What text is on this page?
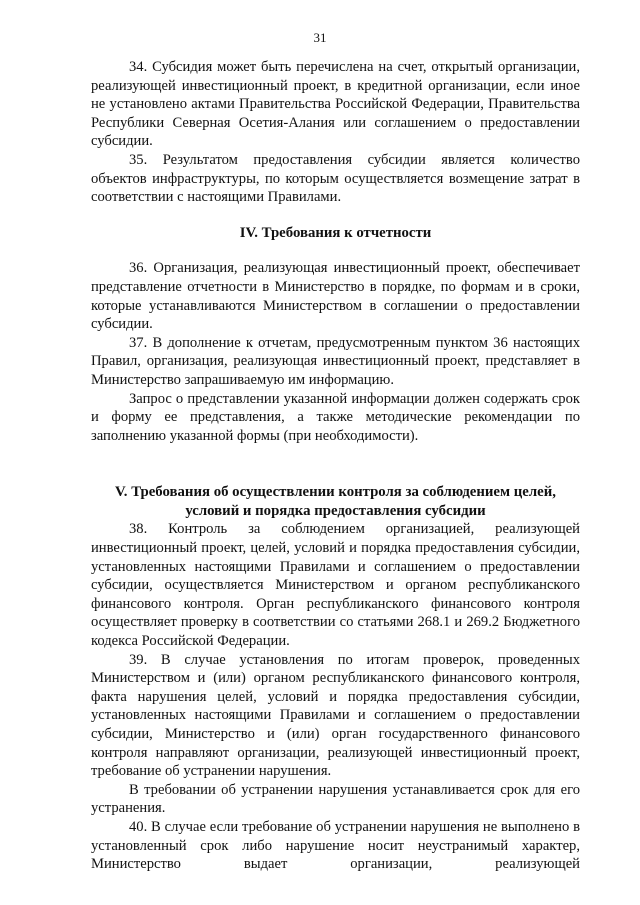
31

34. Субсидия может быть перечислена на счет, открытый организации, реализующей инвестиционный проект, в кредитной организации, если иное не установлено актами Правительства Российской Федерации, Правительства Республики Северная Осетия-Алания или соглашением о предоставлении субсидии.

35. Результатом предоставления субсидии является количество объектов инфраструктуры, по которым осуществляется возмещение затрат в соответствии с настоящими Правилами.

IV. Требования к отчетности

36. Организация, реализующая инвестиционный проект, обеспечивает представление отчетности в Министерство в порядке, по формам и в сроки, которые устанавливаются Министерством в соглашении о предоставлении субсидии.

37. В дополнение к отчетам, предусмотренным пунктом 36 настоящих Правил, организация, реализующая инвестиционный проект, представляет в Министерство запрашиваемую им информацию.

Запрос о представлении указанной информации должен содержать срок и форму ее представления, а также методические рекомендации по заполнению указанной формы (при необходимости).

V. Требования об осуществлении контроля за соблюдением целей,
условий и порядка предоставления субсидии

38. Контроль за соблюдением организацией, реализующей инвестиционный проект, целей, условий и порядка предоставления субсидии, установленных настоящими Правилами и соглашением о предоставлении субсидии, осуществляется Министерством и органом республиканского финансового контроля. Орган республиканского финансового контроля осуществляет проверку в соответствии со статьями 268.1 и 269.2 Бюджетного кодекса Российской Федерации.

39. В случае установления по итогам проверок, проведенных Министерством и (или) органом республиканского финансового контроля, факта нарушения целей, условий и порядка предоставления субсидии, установленных настоящими Правилами и соглашением о предоставлении субсидии, Министерство и (или) орган государственного финансового контроля направляют организации, реализующей инвестиционный проект, требование об устранении нарушения.

В требовании об устранении нарушения устанавливается срок для его устранения.

40. В случае если требование об устранении нарушения не выполнено в установленный срок либо нарушение носит неустранимый характер, Министерство выдает организации, реализующей
